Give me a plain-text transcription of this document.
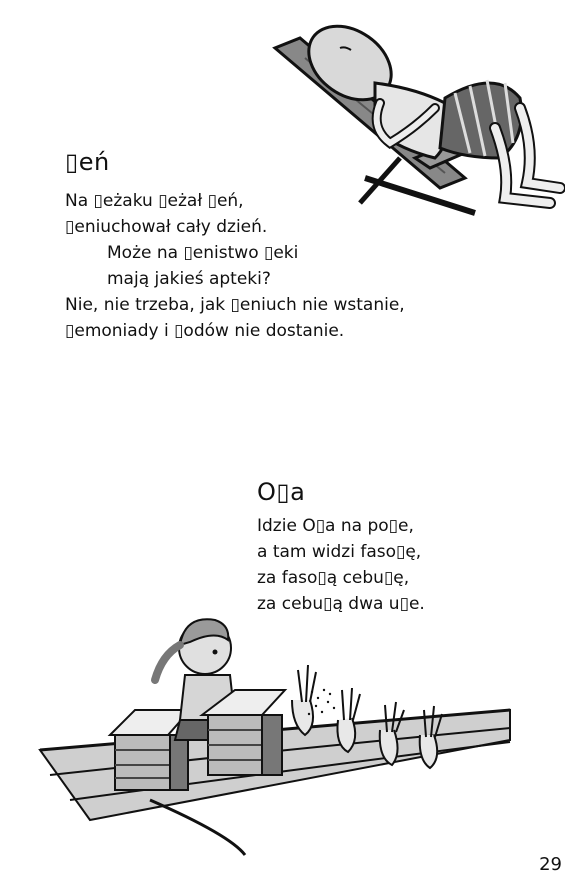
▯eń
Na ▯eżaku ▯eżał ▯eń,
▯eniuchował cały dzień.
Może na ▯enistwo ▯eki
mają jakieś apteki?
Nie, nie trzeba, jak ▯eniuch nie wstanie,
▯emoniady i ▯odów nie dostanie.
O▯a
Idzie O▯a na po▯e,
a tam widzi faso▯ę,
za faso▯ą cebu▯ę,
za cebu▯ą dwa u▯e.
29
